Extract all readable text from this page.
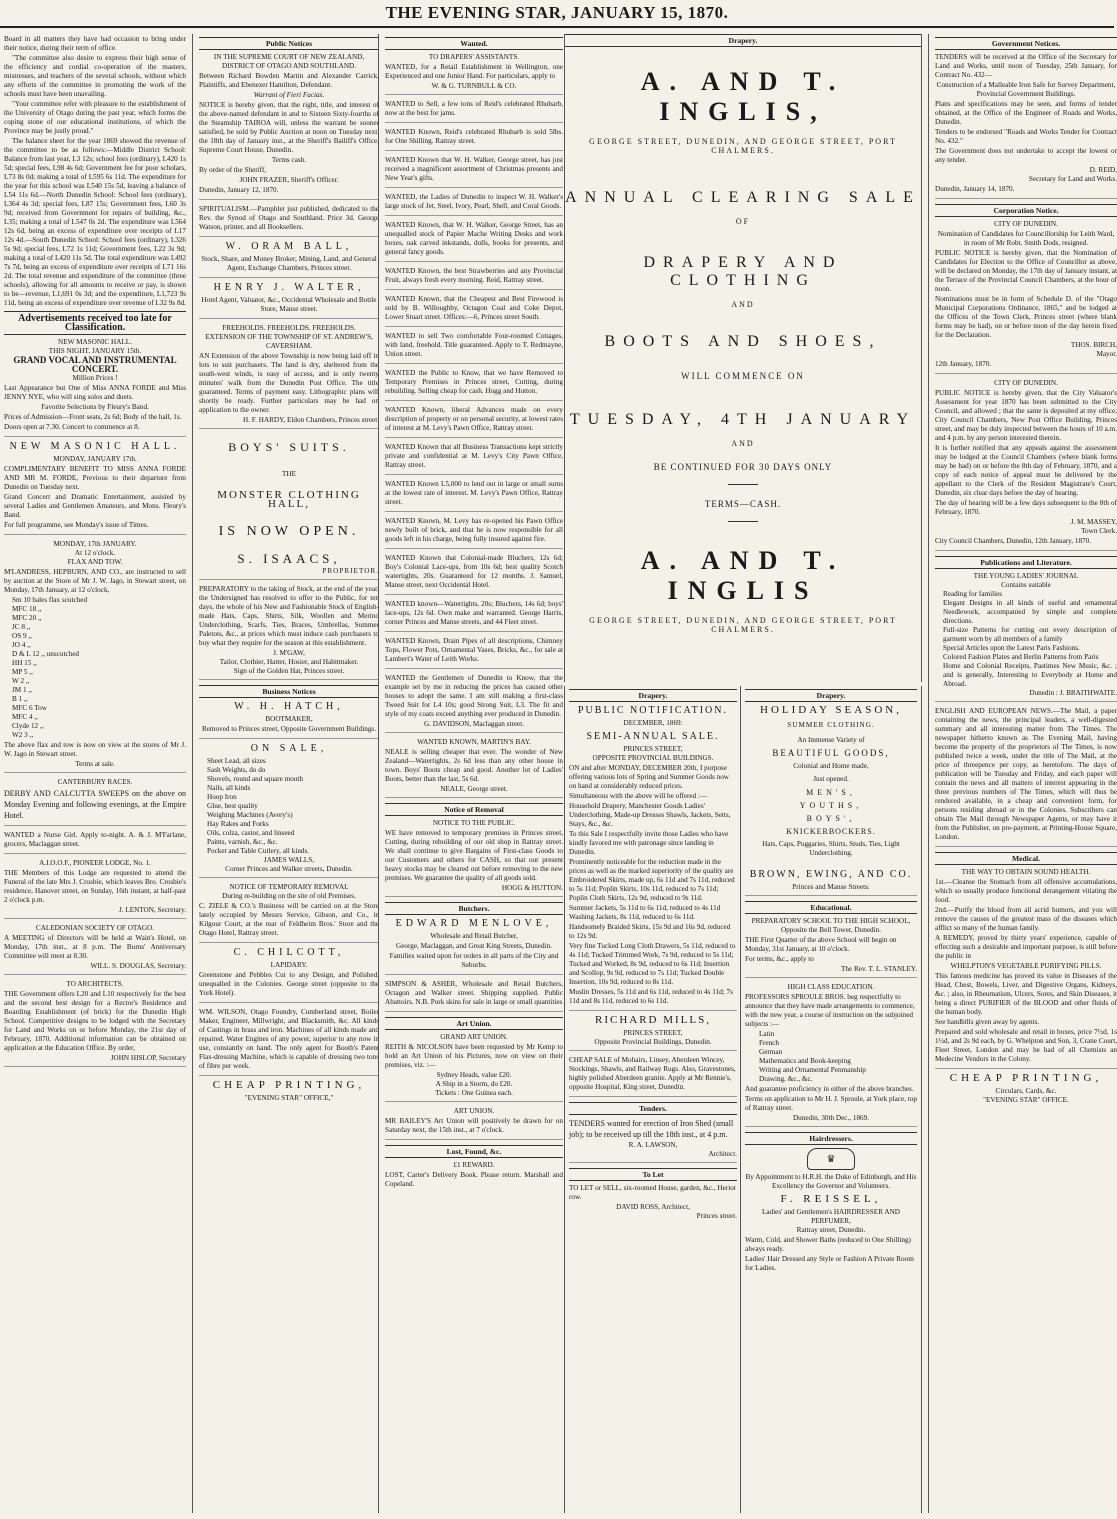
THE EVENING STAR, JANUARY 15, 1870.

Board in all matters they have had occasion to bring under their notice, during their term of office.

"The committee also desire to express their high sense of the efficiency and cordial co-operation of the masters, mistresses, and teachers of the several schools, without which any efforts of the committee in promoting the work of the schools must have been unavailing.

"Your committee refer with pleasure to the establishment of the University of Otago during the past year, which forms the coping stone of our educational institutions, of which the Province may be justly proud."

The balance sheet for the year 1869 showed the revenue of the committee to be as follows:—Middle District School: Balance from last year, L3 12s; school fees (ordinary), L420 1s 5d; special fees, L98 4s 6d; Government fee for poor scholars, L73 8s 0d; making a total of L595 6s 11d. The expenditure for the year for this school was L540 15s 5d, leaving a balance of L54 11s 6d.—North Dunedin School: School fees (ordinary), L364 4s 3d; special fees, L87 15s; Government fees, L60 3s 9d; received from Government for repairs of building, &c., L35; making a total of L547 0s 2d. The expenditure was L564 12s 6d, being an excess of expenditure over receipts of L17 12s 4d.—South Dunedin School: School fees (ordinary), L326 5s 9d; special fees, L72 1s 11d; Government fees, L22 3s 9d; making a total of L420 11s 5d. The total expenditure was L492 7s 7d, being an excess of expenditure over receipts of L71 16s 2d. The total revenue and expenditure of the committee (three schools), allowing for all amounts to receive or pay, is shown to be—revenue, L1,691 0s 3d; and the expenditure, L1,723 9s 11d, being an excess of expenditure over revenue of L32 9s 8d.

Advertisements received too late for Classification.
NEW MASONIC HALL.
THIS NIGHT, JANUARY 15th.
GRAND VOCAL AND INSTRUMENTAL CONCERT.
Million Prices !

Last Appearance but One of Miss ANNA FORDE and Miss JENNY NYE, who will sing solos and duets.

Favorite Selections by Fleury's Band.

Prices of Admission—Front seats, 2s 6d; Body of the hall, 1s.

Doors open at 7.30. Concert to commence at 8.

NEW MASONIC HALL.
MONDAY, JANUARY 17th.

COMPLIMENTARY BENEFIT TO MISS ANNA FORDE AND MR M. FORDE, Previous to their departure from Dunedin on Tuesday next.

Grand Concert and Dramatic Entertainment, assisted by several Ladies and Gentlemen Amateurs, and Mons. Fleury's Band.

For full programme, see Monday's issue of Times.

MONDAY, 17th JANUARY.
At 12 o'clock.
FLAX AND TOW.

M'LANDRESS, HEPBURN, AND CO., are instructed to sell by auction at the Store of Mr J. W. Jago, in Stewart street, on Monday, 17th January, at 12 o'clock,

Sm 10 bales flax scutched
MFC 18 ,,
MFC 20 ,,
JC 8 ,,
OS 9 ,,
JO 4 ,,
D & L 12 ,, unscutched
HH 15 ,,
MP 5 ,,
W 2 ,,
JM 1 ,,
B 1 ,,
MFC 6 Tow
MFC 4 ,,
Clyde 12 ,,
W2 3 ,,

The above flax and tow is now on view at the stores of Mr J. W. Jago in Stewart street.

Terms at sale.
CANTERBURY RACES.

DERBY AND CALCUTTA SWEEPS on the above on Monday Evening and following evenings, at the Empire Hotel.

WANTED a Nurse Girl. Apply to-night. A. & J. M'Farlane, grocers, Maclaggan street.

A.I.O.O.F., PIONEER LODGE, No. 1.

THE Members of this Lodge are requested to attend the Funeral of the late Mrs J. Crosbie, which leaves Bro. Crosbie's residence, Hanover street, on Sunday, 16th instant, at half-past 2 o'clock p.m.

J. LENTON, Secretary.
CALEDONIAN SOCIETY OF OTAGO.

A MEETING of Directors will be held at Wain's Hotel, on Monday, 17th inst., at 8 p.m. The Burns' Anniversary Committee will meet at 8.30.

WILL. S. DOUGLAS, Secretary.
TO ARCHITECTS.

THE Government offers L20 and L10 respectively for the best and the second best design for a Rector's Residence and Boarding Establishment (of brick) for the Dunedin High School. Competitive designs to be lodged with the Secretary for Land and Works on or before Monday, the 21st day of February, 1870. Additional information can be obtained on application at the Education Office. By order,

JOHN HISLOP, Secretary
Public Notices
IN THE SUPREME COURT OF NEW ZEALAND, DISTRICT OF OTAGO AND SOUTHLAND.

Between Richard Bowden Martin and Alexander Carrick, Plaintiffs, and Ebenezer Hamilton, Defendant.

Warrant of Fieri Facias.

NOTICE is hereby given, that the right, title, and interest of the above-named defendant in and to Sixteen Sixty-fourths of the Steamship TAIROA will, unless the warrant be sooner satisfied, be sold by Public Auction at noon on Tuesday next, the 18th day of January inst., at the Sheriff's Bailiff's Office, Supreme Court House, Dunedin.

Terms cash.

By order of the Sheriff,

JOHN FRAZER, Sheriff's Officer.

Dunedin, January 12, 1870.

SPIRITUALISM.—Pamphlet just published, dedicated to the Rev. the Synod of Otago and Southland. Price 3d. George Watson, printer, and all Booksellers.

W. ORAM BALL,

Stock, Share, and Money Broker, Mining, Land, and General Agent, Exchange Chambers, Princes street.

HENRY J. WALTER,

Hotel Agent, Valuator, &c., Occidental Wholesale and Bottle Store, Manse street.

FREEHOLDS. FREEHOLDS. FREEHOLDS.
EXTENSION OF THE TOWNSHIP OF ST. ANDREW'S, CAVERSHAM.

AN Extension of the above Township is now being laid off in lots to suit purchasers. The land is dry, sheltered from the south-west winds, is easy of access, and is only twenty minutes' walk from the Dunedin Post Office. The title guaranteed. Terms of payment easy. Lithographic plans will shortly be ready. Further particulars may be had on application to the owner.

H. F. HARDY, Eldon Chambers, Princes street.
BOYS' SUITS.
THE
MONSTER CLOTHING HALL,
IS NOW OPEN.
S. ISAACS,
PROPRIETOR.

PREPARATORY to the taking of Stock, at the end of the year, the Undersigned has resolved to offer to the Public, for ten days, the whole of his New and Fashionable Stock of English-made Hats, Caps, Shirts, Silk, Woollen and Merino Underclothing, Scarfs, Ties, Braces, Umbrellas, Summer Paletots, &c., at prices which must induce cash purchasers to buy what they require for the season at this establishment.

J. M'GAW,
Tailor, Clothier, Hatter, Hosier, and Habitmaker.
Sign of the Golden Hat, Princes street.
Business Notices
W. H. HATCH,
BOOTMAKER,

Removed to Princes street, Opposite Government Buildings.

ON SALE,
Sheet Lead, all sizes
Sash Weights, do do
Shovels, round and square mouth
Nails, all kinds
Hoop Iron
Glue, best quality
Weighing Machines (Avery's)
Hay Rakes and Forks
Oils, colza, castor, and linseed
Paints, varnish, &c., &c.
Pocket and Table Cutlery, all kinds.
JAMES WALLS,
Corner Princes and Walker streets, Dunedin.
NOTICE OF TEMPORARY REMOVAL
During re-building on the site of old Premises.

C. ZIELE & CO.'s Business will be carried on at the Store lately occupied by Messrs Service, Gibson, and Co., in Kilgour Court, at the rear of Feldheim Bros.' Store and the Otago Hotel, Rattray street.

C. CHILCOTT,
LAPIDARY.

Greenstone and Pebbles Cut to any Design, and Polished, unequalled in the Colonies. George street (opposite to the York Hotel).

WM. WILSON, Otago Foundry, Cumberland street, Boiler Maker, Engineer, Millwright, and Blacksmith, &c. All kinds of Castings in brass and iron. Machines of all kinds made and repaired. Water Engines of any power, superior to any now in use, constantly on hand. The only agent for Booth's Patent Flax-dressing Machine, which is capable of dressing two tons of fibre per week.

CHEAP PRINTING,
"EVENING STAR" OFFICE,"
Wanted.
TO DRAPERS' ASSISTANTS.

WANTED, for a Retail Establishment in Wellington, one Experienced and one Junior Hand. For particulars, apply to

W. & G. TURNBULL & CO.

WANTED to Sell, a few tons of Reid's celebrated Rhubarb, now at the best for jams.

WANTED Known, Reid's celebrated Rhubarb is sold 5lbs. for One Shilling. Rattray street.

WANTED Known that W. H. Walker, George street, has just received a magnificent assortment of Christmas presents and New Year's gifts.

WANTED, the Ladies of Dunedin to inspect W. H. Walker's large stock of Jet, Steel, Ivory, Pearl, Shell, and Coral Goods.

WANTED Known, that W. H. Walker, George Street, has an unequalled stock of Papier Mache Writing Desks and work boxes, oak carved inkstands, dolls, books for presents, and general fancy goods.

WANTED Known, the best Strawberries and any Provincial Fruit, always fresh every morning. Reid, Rattray street.

WANTED Known, that the Cheapest and Best Firewood is sold by B. Willoughby, Octagon Coal and Coke Depot, Lower Stuart street. Offices:—6, Princes street South.

WANTED to sell Two comfortable Four-roomed Cottages, with land, freehold. Title guaranteed. Apply to T. Redmayne, Union street.

WANTED the Public to Know, that we have Removed to Temporary Premises in Princes street, Cutting, during rebuilding. Selling cheap for cash. Hogg and Hutton.

WANTED Known, liberal Advances made on every description of property or on personal security, at lowest rates of interest at M. Levy's Pawn Office, Rattray street.

WANTED Known that all Business Transactions kept strictly private and confidential at M. Levy's City Pawn Office, Rattray street.

WANTED Known L5,000 to lend out in large or small sums at the lowest rate of interest. M. Levy's Pawn Office, Rattray street.

WANTED Known, M. Levy has re-opened his Pawn Office newly built of brick, and that he is now responsible for all goods left in his charge, being fully insured against fire.

WANTED Known that Colonial-made Bluchers, 12s 6d; Boy's Colonial Lace-ups, from 10s 6d; best quality Scotch watertights, 20s. Guaranteed for 12 months. J. Samuel, Manse street, next Occidental Hotel.

WANTED known—Watertights, 20s; Bluchers, 14s 6d; boys' lace-ups, 12s 6d. Own make and warranted. George Harris, corner Princes and Manse streets, and 44 Fleet street.

WANTED Known, Drain Pipes of all descriptions, Chimney Tops, Flower Pots, Ornamental Vases, Bricks, &c., for sale at Lambert's Water of Leith Works.

WANTED the Gentlemen of Dunedin to Know, that the example set by me in reducing the prices has caused other houses to adopt the same. I am still making a first-class Tweed Suit for L4 10s; good Strong Suit, L3. The fit and style of my coats exceed anything ever produced in Dunedin.

G. DAVIDSON, Maclaggan street.
WANTED KNOWN, MARTIN'S BAY.

NEALE is selling cheaper that ever. The wonder of New Zealand—Watertights, 2s 6d less than any other house in town. Boys' Boots cheap and good. Another lot of Ladies' Boots, better than the last, 5s 6d.

NEALE, George street.
Notice of Removal
NOTICE TO THE PUBLIC.

WE have removed to temporary premises in Princes street, Cutting, during rebuilding of our old shop in Rattray street. We shall continue to give Bargains of First-class Goods to our Customers and others for CASH, so that our present heavy stocks may be cleared out before removing to the new premises. We guarantee the quality of all goods sold.

HOGG & HUTTON.
Butchers.
EDWARD MENLOVE,
Wholesale and Retail Butcher,

George, Maclaggan, and Great King Streets, Dunedin.

Families waited upon for orders in all parts of the City and Suburbs.

SIMPSON & ASHER, Wholesale and Retail Butchers, Octagon and Walker street. Shipping supplied. Public Abattoirs. N.B. Pork skins for sale in large or small quantities

Art Union.
GRAND ART UNION.

REITH & NICOLSON have been requested by Mr Kemp to hold an Art Union of his Pictures, now on view on their premises, viz. :—

Sydney Heads, value £20.
A Ship in a Storm, do £20.
Tickets : One Guinea each.
ART UNION.

MR BAILEY'S Art Union will positively be drawn for on Saturday next, the 15th inst., at 7 o'clock.

Lost, Found, &c.
£1 REWARD.

LOST, Carter's Delivery Book. Please return. Marshall and Copeland.

Drapery.
A. AND T. INGLIS,
GEORGE STREET, DUNEDIN, AND GEORGE STREET, PORT CHALMERS.
ANNUAL CLEARING SALE
OF
DRAPERY AND CLOTHING
AND
BOOTS AND SHOES,
WILL COMMENCE ON
TUESDAY, 4TH JANUARY
AND
BE CONTINUED FOR 30 DAYS ONLY
TERMS—CASH.
A. AND T. INGLIS
GEORGE STREET, DUNEDIN, AND GEORGE STREET, PORT CHALMERS.
Drapery.
PUBLIC NOTIFICATION.
DECEMBER, 1869.
SEMI-ANNUAL SALE.
PRINCES STREET,
OPPOSITE PROVINCIAL BUILDINGS.

ON and after MONDAY, DECEMBER 20th, I purpose offering various lots of Spring and Summer Goods now on hand at considerably reduced prices.

Simultaneous with the above will be offered :—

Household Drapery, Manchester Goods Ladies' Underclothing, Made-up Dresses Shawls, Jackets, Setts, Stays, &c., &c.

To this Sale I respectfully invite those Ladies who have kindly favored me with patronage since landing in Dunedin.

Prominently noticeable for the reduction made in the prices as well as the marked superiority of the quality are Embroidered Skirts, made up, 6s 11d and 7s 11d, reduced to 5s 11d; Poplin Skirts, 10s 11d, reduced to 7s 11d; Poplin Cloth Skirts, 12s 9d, reduced to 9s 11d.

Summer Jackets, 5s 11d to 6s 11d, reduced to 4s 11d Washing Jackets, 8s 11d, reduced to 6s 11d.

Handsomely Braided Skirts, 15s 9d and 16s 9d, reduced to 12s 9d.

Very fine Tucked Long Cloth Drawers, 5s 11d, reduced to 4s 11d; Tucked Trimmed Work, 7s 9d, reduced to 5s 11d; Tucked and Worked, 8s 9d, reduced to 6s 11d; Insertion and Scollop, 9s 9d, reduced to 7s 11d; Tucked Double Insertion, 10s 9d, reduced to 8s 11d.

Muslin Dresses, 5s 11d and 6s 11d, reduced to 4s 11d; 7s 11d and 8s 11d, reduced to 6s 11d.

RICHARD MILLS,
PRINCES STREET,
Opposite Provincial Buildings, Dunedin.

CHEAP SALE of Mohairs, Linsey, Aberdeen Wincey, Stockings, Shawls, and Railway Rugs. Also, Gravestones, highly polished Aberdeen granite. Apply at Mr Rennie's, opposite Hospital, King street, Dunedin.

Tenders.

TENDERS wanted for erection of Iron Shed (small job); to be received up till the 18th inst., at 4 p.m.

R. A. LAWSON,
Architect.
To Let

TO LET or SELL, six-roomed House, garden, &c., Heriot row.

DAVID ROSS, Architect,
Princes street.
Drapery.
HOLIDAY SEASON,
SUMMER CLOTHING.
An Immense Variety of
BEAUTIFUL GOODS,
Colonial and Home made,
Just opened.
MEN'S,
YOUTHS,
BOYS',
KNICKERBOCKERS.

Hats, Caps, Puggaries, Shirts, Studs, Ties, Light Underclothing.

BROWN, EWING, AND CO.
Princes and Manse Streets.
Educational.
PREPARATORY SCHOOL TO THE HIGH SCHOOL,
Opposite the Bell Tower, Dunedin.

THE First Quarter of the above School will begin on Monday, 31st January, at 10 o'clock.

For terms, &c., apply to

The Rev. T. L. STANLEY.
HIGH CLASS EDUCATION.

PROFESSORS SPROULE BROS. beg respectfully to announce that they have made arrangements to commence, with the new year, a course of instruction on the subjoined subjects :—

Latin
French
German
Mathematics and Book-keeping
Writing and Ornamental Penmanship
Drawing, &c., &c.

And guarantee proficiency in either of the above branches.

Terms on application to Mr H. J. Sproule, at York place, top of Rattray street.

Dunedin, 30th Dec., 1869.
Hairdressers.
♛

By Appointment to H.R.H. the Duke of Edinburgh, and His Excellency the Governor and Volunteers.

F. REISSEL,
Ladies' and Gentlemen's HAIRDRESSER AND PERFUMER,
Rattray street, Dunedin.

Warm, Cold, and Shower Baths (reduced to One Shilling) always ready.

Ladies' Hair Dressed any Style or Fashion A Private Room for Ladies.

Government Notices.

TENDERS will be received at the Office of the Secretary for Land and Works, until noon of Tuesday, 25th January, for Contract No. 432—

Construction of a Malleable Iron Safe for Survey Department, Provincial Government Buildings.

Plans and specifications may be seen, and forms of tender obtained, at the Office of the Engineer of Roads and Works, Dunedin.

Tenders to be endorsed "Roads and Works Tender for Contract No. 432."

The Government does not undertake to accept the lowest or any tender.

D. REID,
Secretary for Land and Works.

Dunedin, January 14, 1870.

Corporation Notice.
CITY OF DUNEDIN.

Nomination of Candidates for Councillorship for Leith Ward, in room of Mr Robt. Smith Dods, resigned.

PUBLIC NOTICE is hereby given, that the Nomination of Candidates for Election to the Office of Councillor as above, will be declared on Monday, the 17th day of January instant, at the Terrace of the Provincial Council Chambers, at the hour of noon.

Nominations must be in form of Schedule D. of the "Otago Municipal Corporations Ordinance, 1865," and be lodged at the Offices of the Town Clerk, Princes street (where blank forms may be had), on or before noon of the day herein fixed for the Declaration.

THOS. BIRCH,
Mayor.

12th January, 1870.

CITY OF DUNEDIN.

PUBLIC NOTICE is hereby given, that the City Valuator's Assessment for year 1870 has been submitted to the City Council, and allowed ; that the same is deposited at my office, City Council Chambers, New Post Office Building, Princes street, and may be duly inspected between the hours of 10 a.m. and 4 p.m. by any person interested therein.

It is further notified that any appeals against the assessment may be lodged at the Council Chambers (where blank forms may be had) on or before the 8th day of February, 1870, and a copy of each notice of appeal must be delivered by the appellant to the Clerk of the Resident Magistrate's Court, Dunedin, six clear days before the day of hearing.

The day of hearing will be a few days subsequent to the 8th of February, 1870.

J. M. MASSEY,
Town Clerk.

City Council Chambers, Dunedin, 12th January, 1870.

Publications and Literature.
THE YOUNG LADIES' JOURNAL
Contains suitable
Reading for families
Elegant Designs in all kinds of useful and ornamental Needlework, accompanied by simple and complete directions.
Full-size Patterns for cutting out every description of garment worn by all members of a family
Special Articles upon the Latest Paris Fashions.
Colored Fashion Plates and Berlin Patterns from Paris
Home and Colonial Receipts, Pastimes New Music, &c. ; and is generally, Interesting to Everybody at Home and Abroad.
Dunedin : J. BRAITHWAITE.

ENGLISH AND EUROPEAN NEWS.—The Mail, a paper containing the news, the principal leaders, a well-digested summary and all interesting matter from The Times. The newspaper hitherto known as The Evening Mail, having become the property of the proprietors of The Times, is now published twice a week, under the title of The Mail, at the price of threepence per copy, as heretofore. The days of publication will be Tuesday and Friday, and each paper will contain the news and all matters of interest appearing in the three previous numbers of The Times, which will thus be rendered available, in a cheap and convenient form, for persons residing abroad or in the Colonies. Subscribers can obtain The Mail through Newspaper Agents, or may have it from the Publisher, on pre-payment, at Printing-House Square, London.

Medical.
THE WAY TO OBTAIN SOUND HEALTH.

1st.—Cleanse the Stomach from all offensive accumulations, which so usually produce functional derangement vitiating the food.

2nd.—Purify the blood from all acrid humors, and you will remove the causes of the greatest mass of the diseases which afflict so many of the human family.

A REMEDY, proved by thirty years' experience, capable of effecting such a desirable and important purpose, is still before the public in

WHELPTON'S VEGETABLE PURIFYING PILLS.

This famous medicine has proved its value in Diseases of the Head, Chest, Bowels, Liver, and Digestive Organs, Kidneys, &c. ; also, in Rheumatism, Ulcers, Sores, and Skin Diseases, it being a direct PURIFIER of the BLOOD and other fluids of the human body.

See handbills given away by agents.

Prepared and sold wholesale and retail in boxes, price 7½d, 1s 1½d, and 2s 9d each, by G. Whelpton and Son, 3, Crane Court, Fleet Street, London and may be had of all Chemists an Medecine Vendors in the Colony.

CHEAP PRINTING,
Circulars, Cards, &c.
"EVENING STAR" OFFICE.
